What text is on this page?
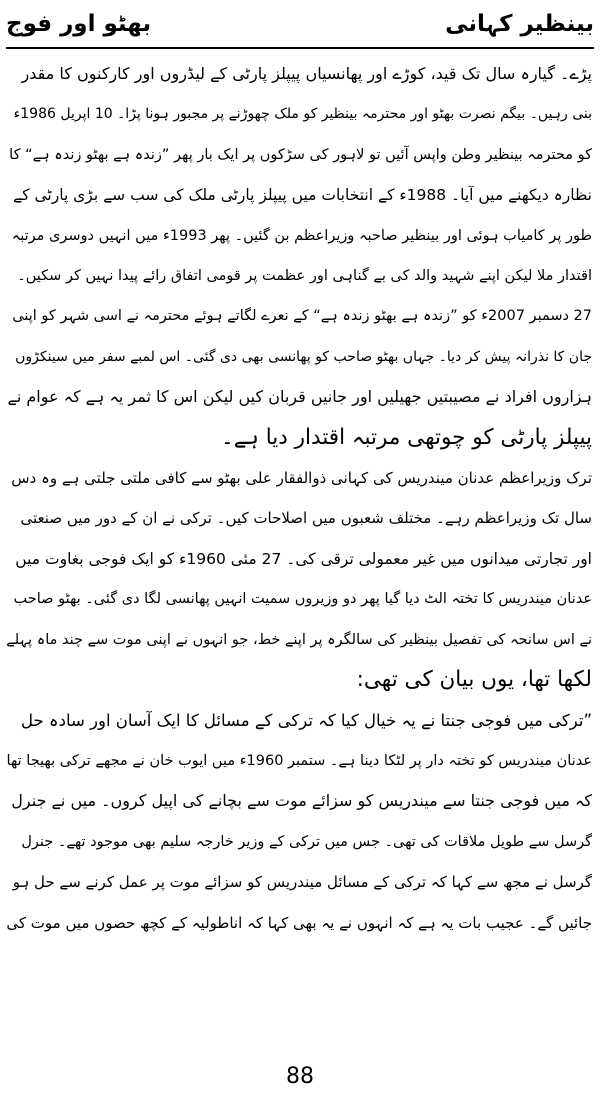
بھٹو اور فوج	بینظیر کہانی
پڑے۔ گیارہ سال تک قید، کوڑے اور پھانسیاں پیپلز پارٹی کے لیڈروں اور کارکنوں کا مقدر
بنی رہیں۔ بیگم نصرت بھٹو اور محترمہ بینظیر کو ملک چھوڑنے پر مجبور ہونا پڑا۔ 10 اپریل 1986ء
کو محترمہ بینظیر وطن واپس آئیں تو لاہور کی سڑکوں پر ایک بار پھر ”زندہ ہے بھٹو زندہ ہے“ کا
نظارہ دیکھنے میں آیا۔ 1988ء کے انتخابات میں پیپلز پارٹی ملک کی سب سے بڑی پارٹی کے
طور پر کامیاب ہوئی اور بینظیر صاحبہ وزیراعظم بن گئیں۔ پھر 1993ء میں انہیں دوسری مرتبہ
اقتدار ملا لیکن اپنے شہید والد کی بے گناہی اور عظمت پر قومی اتفاق رائے پیدا نہیں کر سکیں۔
27 دسمبر 2007ء کو ”زندہ ہے بھٹو زندہ ہے“ کے نعرے لگاتے ہوئے محترمہ نے اسی شہر کو اپنی
جان کا نذرانہ پیش کر دیا۔ جہاں بھٹو صاحب کو پھانسی بھی دی گئی۔ اس لمبے سفر میں سینکڑوں
ہزاروں افراد نے مصیبتیں جھیلیں اور جانیں قربان کیں لیکن اس کا ثمر یہ ہے کہ عوام نے
پیپلز پارٹی کو چوتھی مرتبہ اقتدار دیا ہے۔
ترک وزیراعظم عدنان میندریس کی کہانی ذوالفقار علی بھٹو سے کافی ملتی جلتی ہے وہ دس
سال تک وزیراعظم رہے۔ مختلف شعبوں میں اصلاحات کیں۔ ترکی نے ان کے دور میں صنعتی
اور تجارتی میدانوں میں غیر معمولی ترقی کی۔ 27 مئی 1960ء کو ایک فوجی بغاوت میں
عدنان میندریس کا تختہ الٹ دیا گیا پھر دو وزیروں سمیت انہیں پھانسی لگا دی گئی۔ بھٹو صاحب
نے اس سانحہ کی تفصیل بینظیر کی سالگرہ پر اپنے خط، جو انہوں نے اپنی موت سے چند ماہ پہلے
لکھا تھا، یوں بیان کی تھی:
”ترکی میں فوجی جنتا نے یہ خیال کیا کہ ترکی کے مسائل کا ایک آسان اور سادہ حل
عدنان میندریس کو تختہ دار پر لٹکا دینا ہے۔ ستمبر 1960ء میں ایوب خان نے مجھے ترکی بھیجا تھا
کہ میں فوجی جنتا سے میندریس کو سزائے موت سے بچانے کی اپیل کروں۔ میں نے جنرل
گرسل سے طویل ملاقات کی تھی۔ جس میں ترکی کے وزیر خارجہ سلیم بھی موجود تھے۔ جنرل
گرسل نے مجھ سے کہا کہ ترکی کے مسائل میندریس کو سزائے موت پر عمل کرنے سے حل ہو
جائیں گے۔ عجیب بات یہ ہے کہ انہوں نے یہ بھی کہا کہ اناطولیہ کے کچھ حصوں میں موت کی
88
